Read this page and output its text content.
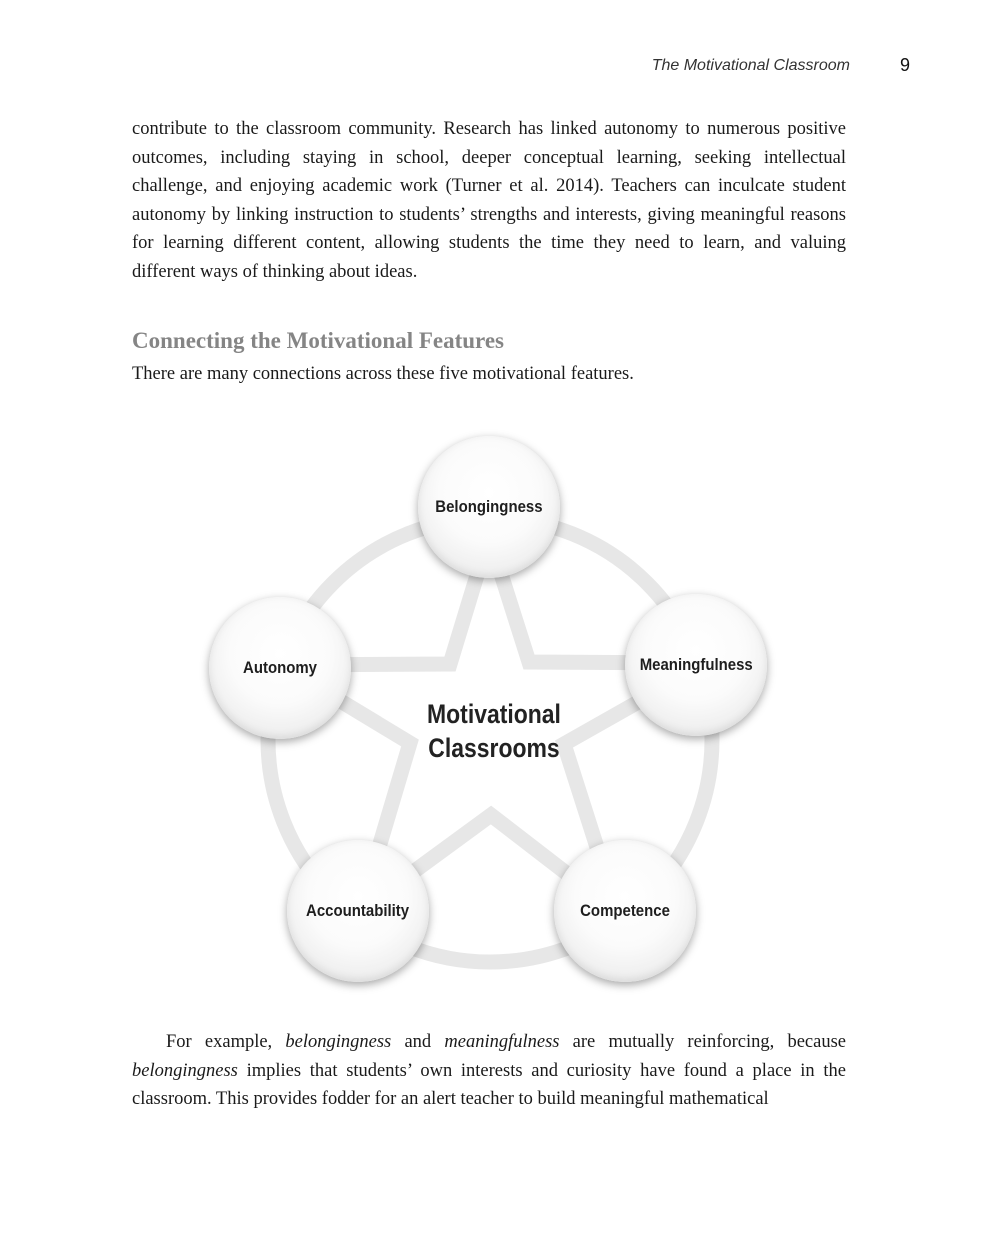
The Motivational Classroom	9

contribute to the classroom community. Research has linked autonomy to numerous positive outcomes, including staying in school, deeper conceptual learning, seeking intellectual challenge, and enjoying academic work (Turner et al. 2014). Teachers can inculcate student autonomy by linking instruction to students’ strengths and interests, giving meaningful reasons for learning different content, allowing students the time they need to learn, and valuing different ways of thinking about ideas.

Connecting the Motivational Features

There are many connections across these five motivational features.

Motivational
Classrooms
Belongingness
Meaningfulness
Competence
Accountability
Autonomy

For example, belongingness and meaningfulness are mutually reinforcing, because belongingness implies that students’ own interests and curiosity have found a place in the classroom. This provides fodder for an alert teacher to build meaningful mathematical
